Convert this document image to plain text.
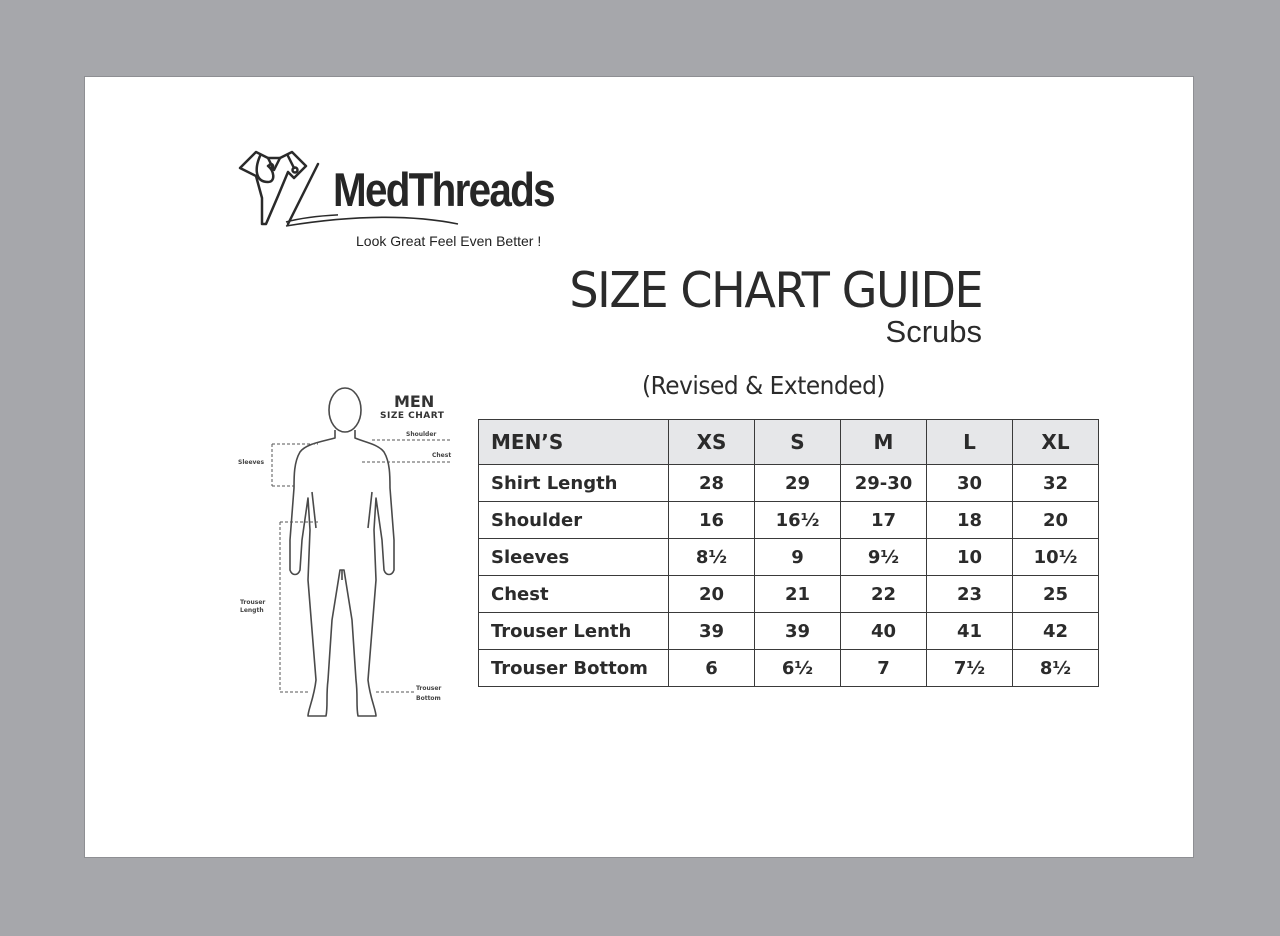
MedThreads
Look Great Feel Even Better !
SIZE CHART GUIDE
Scrubs
(Revised & Extended)
MEN
SIZE CHART
Shoulder
Chest
Sleeves
Trouser
Length
Trouser
Bottom
MEN’S	XS	S	M	L	XL
Shirt Length	28	29	29-30	30	32
Shoulder	16	16½	17	18	20
Sleeves	8½	9	9½	10	10½
Chest	20	21	22	23	25
Trouser Lenth	39	39	40	41	42
Trouser Bottom	6	6½	7	7½	8½
